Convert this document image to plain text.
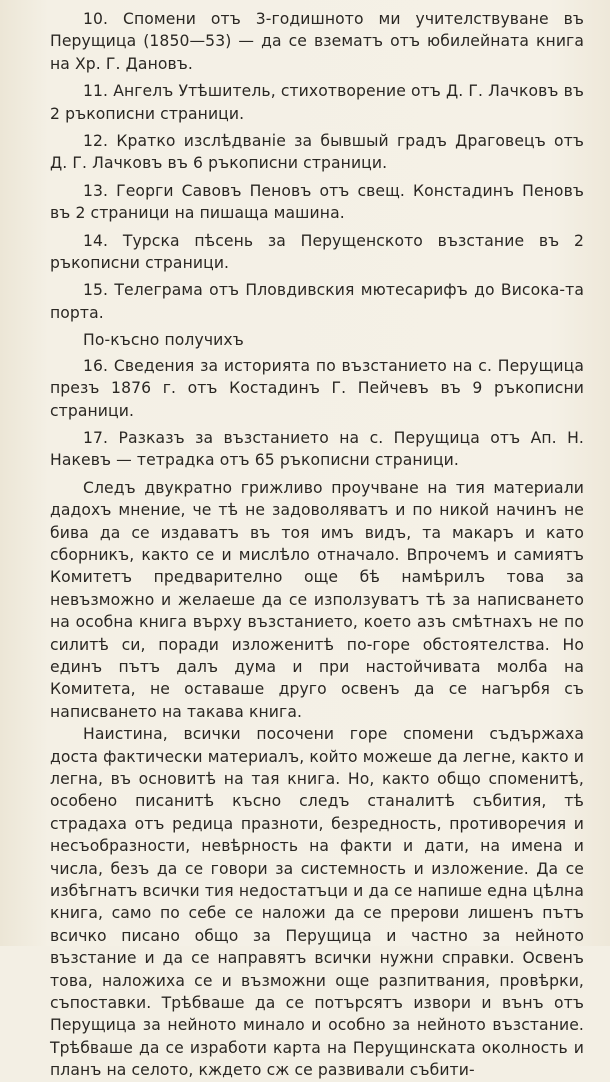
10. Спомени отъ 3-годишното ми учителствуване въ Перущица (1850—53) — да се взематъ отъ юбилейната книга на Хр. Г. Дановъ.

11. Ангелъ Утѣшитель, стихотворение отъ Д. Г. Лачковъ въ 2 ръкописни страници.

12. Кратко изслѣдваніе за бывшый градъ Драговецъ отъ Д. Г. Лачковъ въ 6 ръкописни страници.

13. Георги Савовъ Пеновъ отъ свещ. Констадинъ Пеновъ въ 2 страници на пишаща машина.

14. Турска пѣсень за Перущенското възстание въ 2 ръкописни страници.

15. Телеграма отъ Пловдивския мютесарифъ до Висока-та порта.

По-късно получихъ

16. Сведения за историята по възстанието на с. Перущица презъ 1876 г. отъ Костадинъ Г. Пейчевъ въ 9 ръкописни страници.

17. Разказъ за възстанието на с. Перущица отъ Ап. Н. Накевъ — тетрадка отъ 65 ръкописни страници.

Следъ двукратно грижливо проучване на тия материали дадохъ мнение, че тѣ не задоволяватъ и по никой начинъ не бива да се издаватъ въ тоя имъ видъ, та макаръ и като сборникъ, както се и мислѣло отначало. Впрочемъ и самиятъ Комитетъ предварително още бѣ намѣрилъ това за невъзможно и желаеше да се използуватъ тѣ за написването на особна книга върху възстанието, което азъ смѣтнахъ не по силитѣ си, поради изложенитѣ по-горе обстоятелства. Но единъ пътъ далъ дума и при настойчивата молба на Комитета, не оставаше друго освенъ да се нагърбя съ написването на такава книга.

Наистина, всички посочени горе спомени съдържаха доста фактически материалъ, който можеше да легне, както и легна, въ основитѣ на тая книга. Но, както общо споменитѣ, особено писанитѣ късно следъ станалитѣ събития, тѣ страдаха отъ редица празноти, безредность, противоречия и несъобразности, невѣрность на факти и дати, на имена и числа, безъ да се говори за системность и изложение. Да се избѣгнатъ всички тия недостатъци и да се напише една цѣлна книга, само по себе се наложи да се прерови лишенъ пътъ всичко писано общо за Перущица и частно за нейното възстание и да се направятъ всички нужни справки. Освенъ това, наложиха се и възможни още разпитвания, провѣрки, съпоставки. Трѣбваше да се потърсятъ извори и вънъ отъ Перущица за нейното минало и особно за нейното възстание. Трѣбваше да се изработи карта на Перущинската околность и планъ на селото, кждето сж се развивали събити-
